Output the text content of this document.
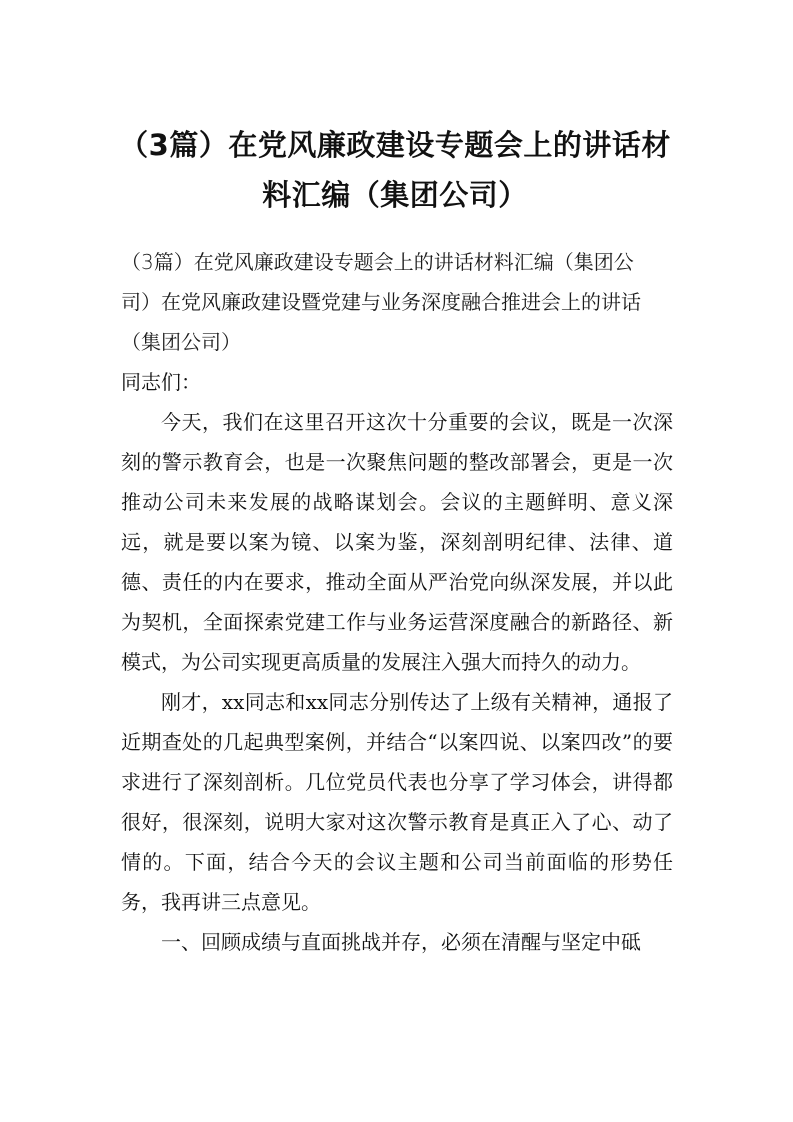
（3篇）在党风廉政建设专题会上的讲话材料汇编（集团公司）

（3篇）在党风廉政建设专题会上的讲话材料汇编（集团公
司）在党风廉政建设暨党建与业务深度融合推进会上的讲话
（集团公司）

同志们：

今天，我们在这里召开这次十分重要的会议，既是一次深刻的警示教育会，也是一次聚焦问题的整改部署会，更是一次推动公司未来发展的战略谋划会。会议的主题鲜明、意义深远，就是要以案为镜、以案为鉴，深刻剖明纪律、法律、道德、责任的内在要求，推动全面从严治党向纵深发展，并以此为契机，全面探索党建工作与业务运营深度融合的新路径、新模式，为公司实现更高质量的发展注入强大而持久的动力。

刚才，xx同志和xx同志分别传达了上级有关精神，通报了近期查处的几起典型案例，并结合“以案四说、以案四改”的要求进行了深刻剖析。几位党员代表也分享了学习体会，讲得都很好，很深刻，说明大家对这次警示教育是真正入了心、动了情的。下面，结合今天的会议主题和公司当前面临的形势任务，我再讲三点意见。

一、回顾成绩与直面挑战并存，必须在清醒与坚定中砥
